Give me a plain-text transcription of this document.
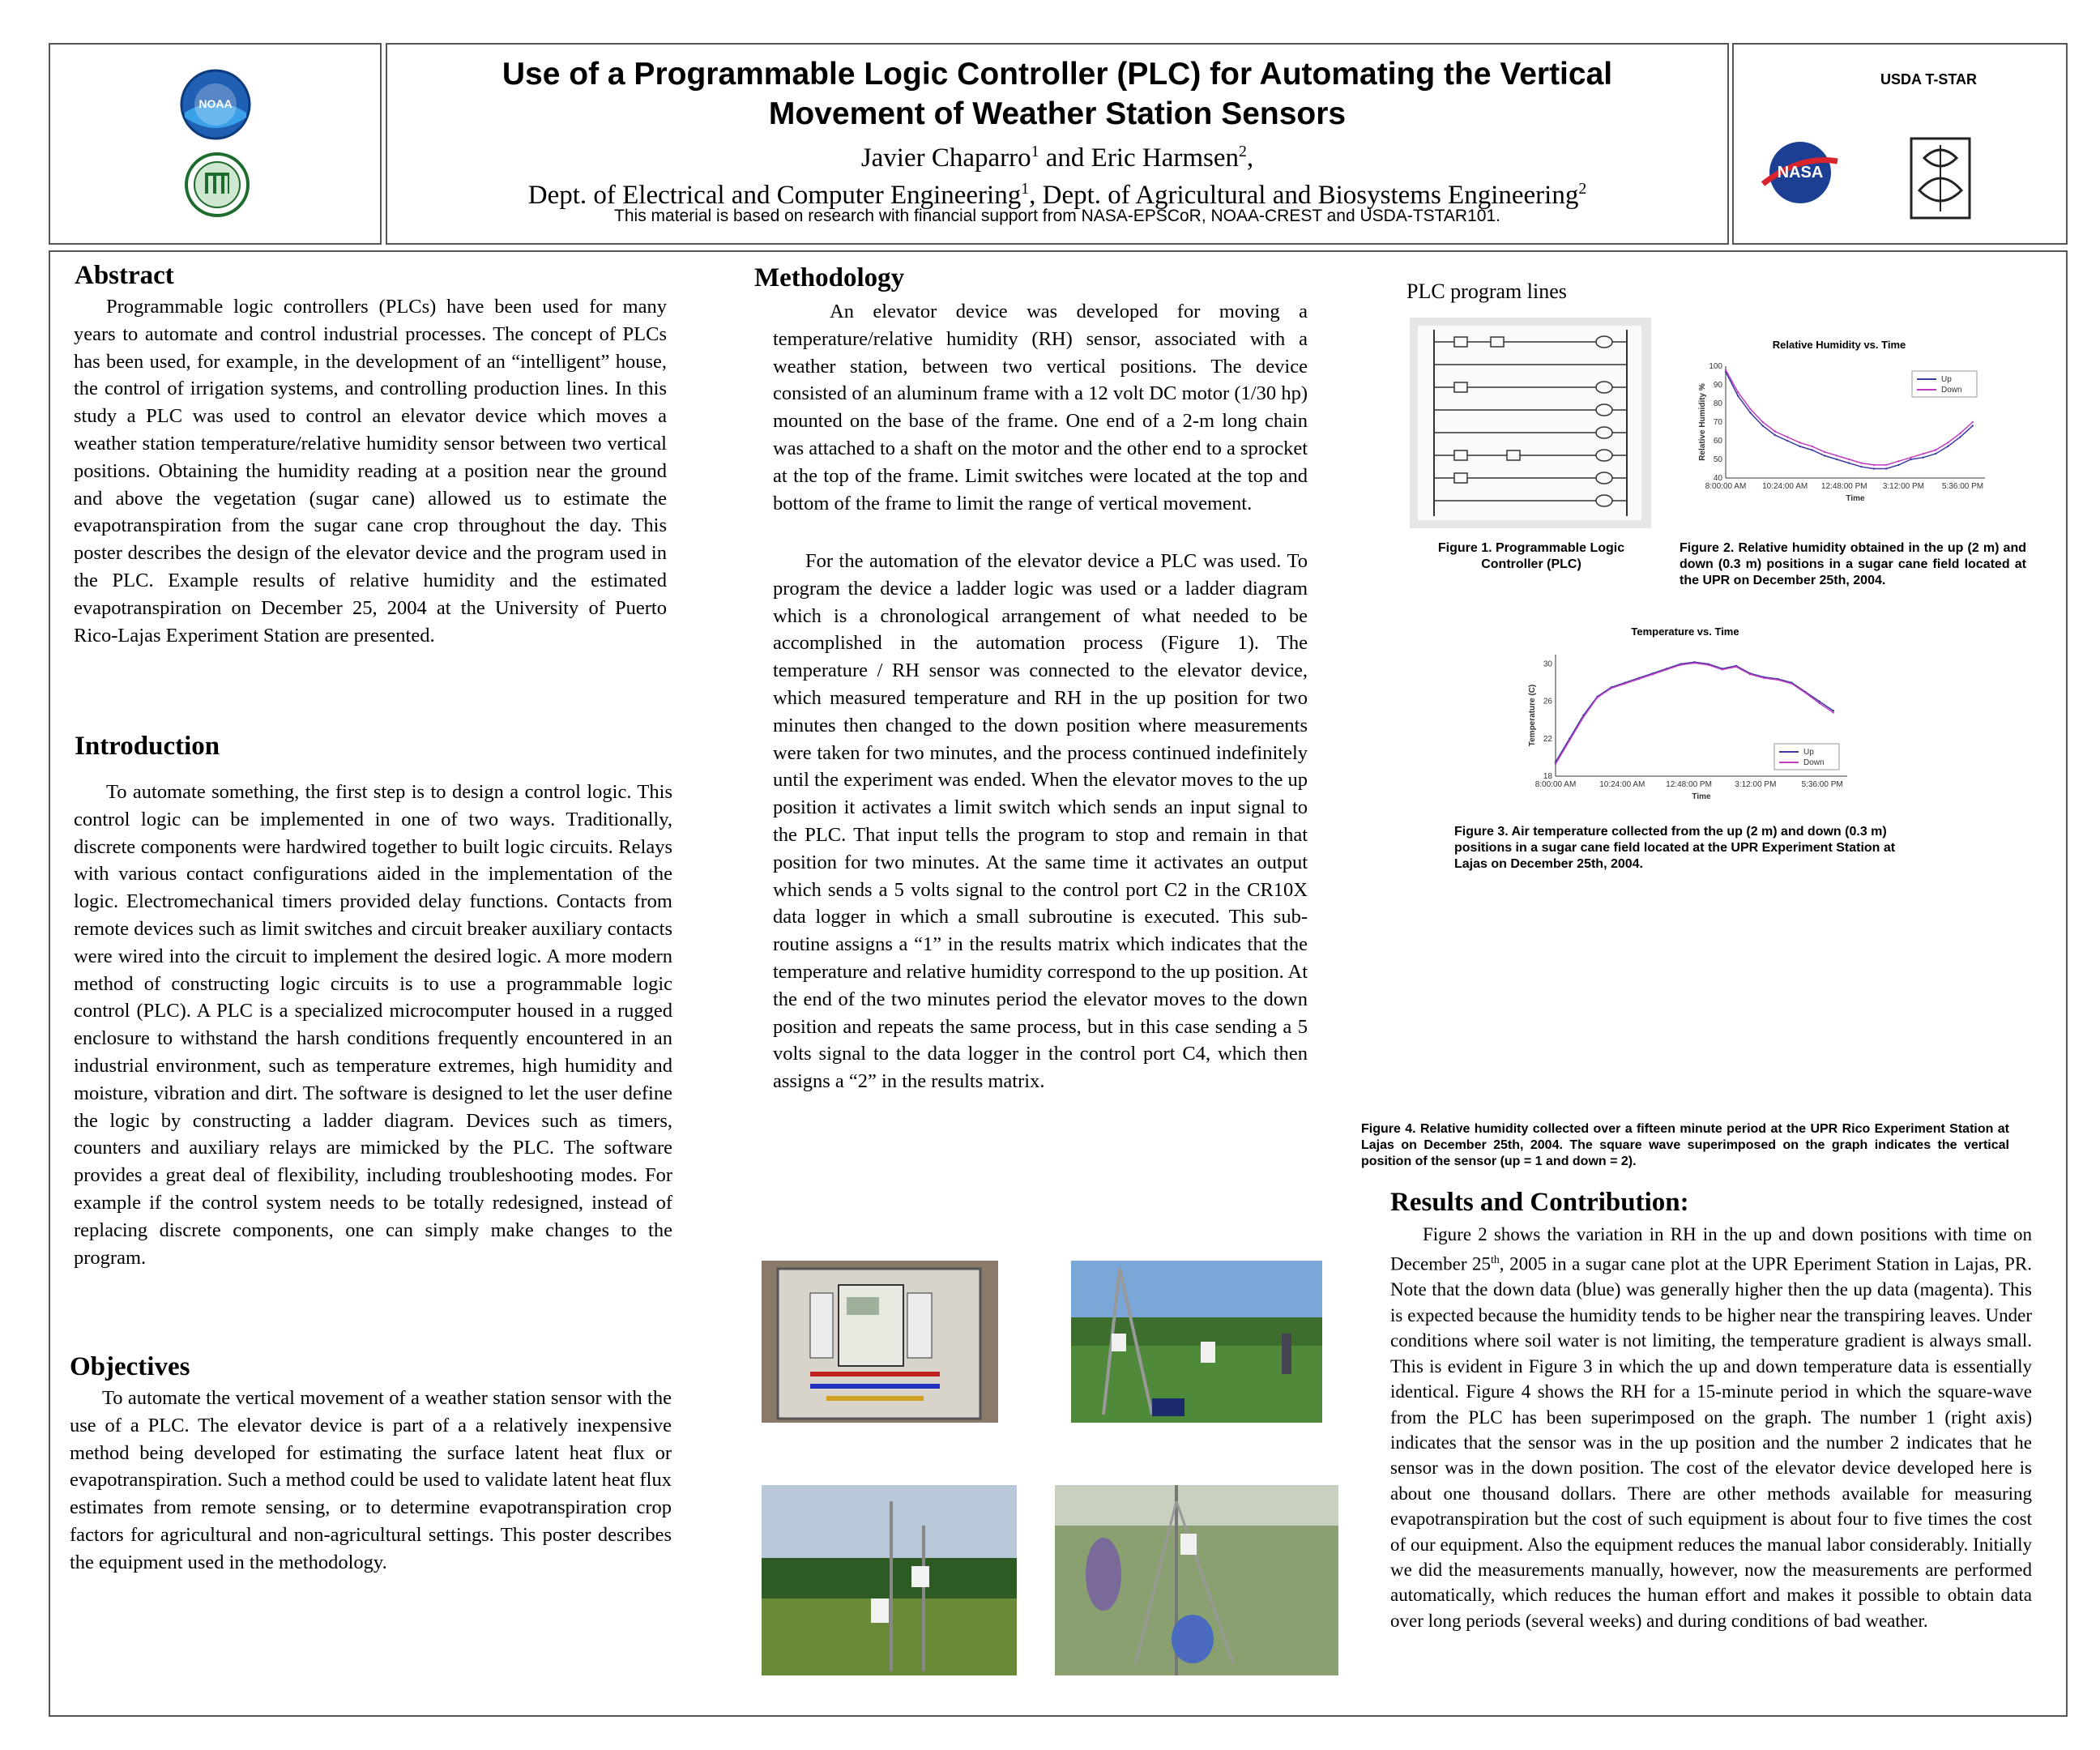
NOAA
Use of a Programmable Logic Controller (PLC) for Automating the Vertical
Movement of Weather Station Sensors
Javier Chaparro$^1$ and Eric Harmsen$^2$,
Dept. of Electrical and Computer Engineering$^1$, Dept. of Agricultural and Biosystems Engineering$^2$
This material is based on research with financial support from NASA-EPSCoR, NOAA-CREST and USDA-TSTAR101.
USDA T-STAR
NASA
Abstract

Programmable logic controllers (PLCs) have been used for many years to automate and control industrial processes. The concept of PLCs has been used, for example, in the development of an “intelligent” house, the control of irrigation systems, and controlling production lines. In this study a PLC was used to control an elevator device which moves a weather station temperature/relative humidity sensor between two vertical positions. Obtaining the humidity reading at a position near the ground and above the vegetation (sugar cane) allowed us to estimate the evapotranspiration from the sugar cane crop throughout the day. This poster describes the design of the elevator device and the program used in the PLC. Example results of relative humidity and the estimated evapotranspiration on December 25, 2004 at the University of Puerto Rico-Lajas Experiment Station are presented.

Introduction

To automate something, the first step is to design a control logic. This control logic can be implemented in one of two ways. Traditionally, discrete components were hardwired together to built logic circuits. Relays with various contact configurations aided in the implementation of the logic. Electromechanical timers provided delay functions. Contacts from remote devices such as limit switches and circuit breaker auxiliary contacts were wired into the circuit to implement the desired logic. A more modern method of constructing logic circuits is to use a programmable logic control (PLC). A PLC is a specialized microcomputer housed in a rugged enclosure to withstand the harsh conditions frequently encountered in an industrial environment, such as temperature extremes, high humidity and moisture, vibration and dirt. The software is designed to let the user define the logic by constructing a ladder diagram. Devices such as timers, counters and auxiliary relays are mimicked by the PLC. The software provides a great deal of flexibility, including troubleshooting modes. For example if the control system needs to be totally redesigned, instead of replacing discrete components, one can simply make changes to the program.

Objectives

To automate the vertical movement of a weather station sensor with the use of a PLC. The elevator device is part of a a relatively inexpensive method being developed for estimating the surface latent heat flux or evapotranspiration. Such a method could be used to validate latent heat flux estimates from remote sensing, or to determine evapotranspiration crop factors for agricultural and non-agricultural settings. This poster describes the equipment used in the methodology.

Methodology

An elevator device was developed for moving a temperature/relative humidity (RH) sensor, associated with a weather station, between two vertical positions. The device consisted of an aluminum frame with a 12 volt DC motor (1/30 hp) mounted on the base of the frame. One end of a 2-m long chain was attached to a shaft on the motor and the other end to a sprocket at the top of the frame. Limit switches were located at the top and bottom of the frame to limit the range of vertical movement.

For the automation of the elevator device a PLC was used. To program the device a ladder logic was used or a ladder diagram which is a chronological arrangement of what needed to be accomplished in the automation process (Figure 1). The temperature / RH sensor was connected to the elevator device, which measured temperature and RH in the up position for two minutes then changed to the down position where measurements were taken for two minutes, and the process continued indefinitely until the experiment was ended. When the elevator moves to the up position it activates a limit switch which sends an input signal to the PLC. That input tells the program to stop and remain in that position for two minutes. At the same time it activates an output which sends a 5 volts signal to the control port C2 in the CR10X data logger in which a small subroutine is executed. This sub-routine assigns a “1” in the results matrix which indicates that the temperature and relative humidity correspond to the up position. At the end of the two minutes period the elevator moves to the down position and repeats the same process, but in this case sending a 5 volts signal to the data logger in the control port C4, which then assigns a “2” in the results matrix.

PLC program lines

Figure 1. Programmable Logic Controller (PLC)

Relative Humidity vs. Time
40
50
60
70
80
90
100
8:00:00 AM 10:24:00 AM 12:48:00 PM 3:12:00 PM 5:36:00 PM
Time
Relative Humidity %
Up
Down

Figure 2. Relative humidity obtained in the up (2 m) and down (0.3 m) positions in a sugar cane field located at the UPR on December 25th, 2004.

Temperature vs. Time
18
22
26
30
8:00:00 AM	10:24:00 AM	12:48:00 PM	3:12:00 PM	5:36:00 PM
Time
Temperature (C)
Up
Down

Figure 3. Air temperature collected from the up (2 m) and down (0.3 m) positions in a sugar cane field located at the UPR Experiment Station at Lajas on December 25th, 2004.

Figure 4. Relative humidity collected over a fifteen minute period at the UPR Rico Experiment Station at Lajas on December 25th, 2004. The square wave superimposed on the graph indicates the vertical position of the sensor (up = 1 and down = 2).

Results and Contribution:

Figure 2 shows the variation in RH in the up and down positions with time on December 25th, 2005 in a sugar cane plot at the UPR Eperiment Station in Lajas, PR. Note that the down data (blue) was generally higher then the up data (magenta). This is expected because the humidity tends to be higher near the transpiring leaves. Under conditions where soil water is not limiting, the temperature gradient is always small. This is evident in Figure 3 in which the up and down temperature data is essentially identical. Figure 4 shows the RH for a 15-minute period in which the square-wave from the PLC has been superimposed on the graph. The number 1 (right axis) indicates that the sensor was in the up position and the number 2 indicates that he sensor was in the down position. The cost of the elevator device developed here is about one thousand dollars. There are other methods available for measuring evapotranspiration but the cost of such equipment is about four to five times the cost of our equipment. Also the equipment reduces the manual labor considerably. Initially we did the measurements manually, however, now the measurements are performed automatically, which reduces the human effort and makes it possible to obtain data over long periods (several weeks) and during conditions of bad weather.
